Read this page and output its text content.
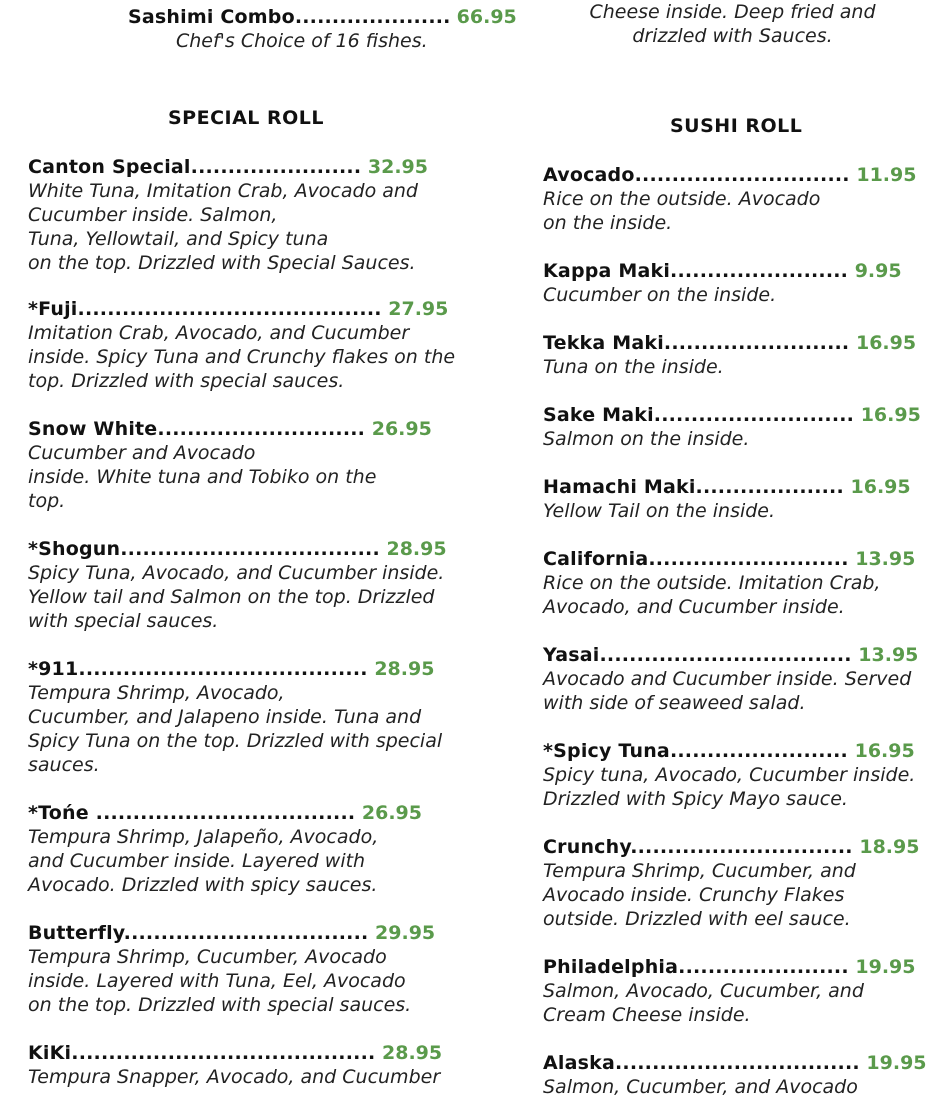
Sashimi Combo..................... 66.95
Chef's Choice of 16 fishes.
Cheese inside. Deep fried and
drizzled with Sauces.
SPECIAL ROLL	SUSHI ROLL
Canton Special....................... 32.95
White Tuna, Imitation Crab, Avocado and
Cucumber inside. Salmon,
Tuna, Yellowtail, and Spicy tuna
on the top. Drizzled with Special Sauces.
*Fuji......................................... 27.95
Imitation Crab, Avocado, and Cucumber
inside. Spicy Tuna and Crunchy flakes on the
top. Drizzled with special sauces.
Snow White............................ 26.95
Cucumber and Avocado
inside. White tuna and Tobiko on the
top.
*Shogun................................... 28.95
Spicy Tuna, Avocado, and Cucumber inside.
Yellow tail and Salmon on the top. Drizzled
with special sauces.
*911....................................... 28.95
Tempura Shrimp, Avocado,
Cucumber, and Jalapeno inside. Tuna and
Spicy Tuna on the top. Drizzled with special
sauces.
*Tońe ................................... 26.95
Tempura Shrimp, Jalapeño, Avocado,
and Cucumber inside. Layered with
Avocado. Drizzled with spicy sauces.
Butterfly................................. 29.95
Tempura Shrimp, Cucumber, Avocado
inside. Layered with Tuna, Eel, Avocado
on the top. Drizzled with special sauces.
KiKi......................................... 28.95
Tempura Snapper, Avocado, and Cucumber
Avocado............................. 11.95
Rice on the outside. Avocado
on the inside.
Kappa Maki........................ 9.95
Cucumber on the inside.
Tekka Maki......................... 16.95
Tuna on the inside.
Sake Maki........................... 16.95
Salmon on the inside.
Hamachi Maki.................... 16.95
Yellow Tail on the inside.
California........................... 13.95
Rice on the outside. Imitation Crab,
Avocado, and Cucumber inside.
Yasai.................................. 13.95
Avocado and Cucumber inside. Served
with side of seaweed salad.
*Spicy Tuna........................ 16.95
Spicy tuna, Avocado, Cucumber inside.
Drizzled with Spicy Mayo sauce.
Crunchy.............................. 18.95
Tempura Shrimp, Cucumber, and
Avocado inside. Crunchy Flakes
outside. Drizzled with eel sauce.
Philadelphia....................... 19.95
Salmon, Avocado, Cucumber, and
Cream Cheese inside.
Alaska................................. 19.95
Salmon, Cucumber, and Avocado
